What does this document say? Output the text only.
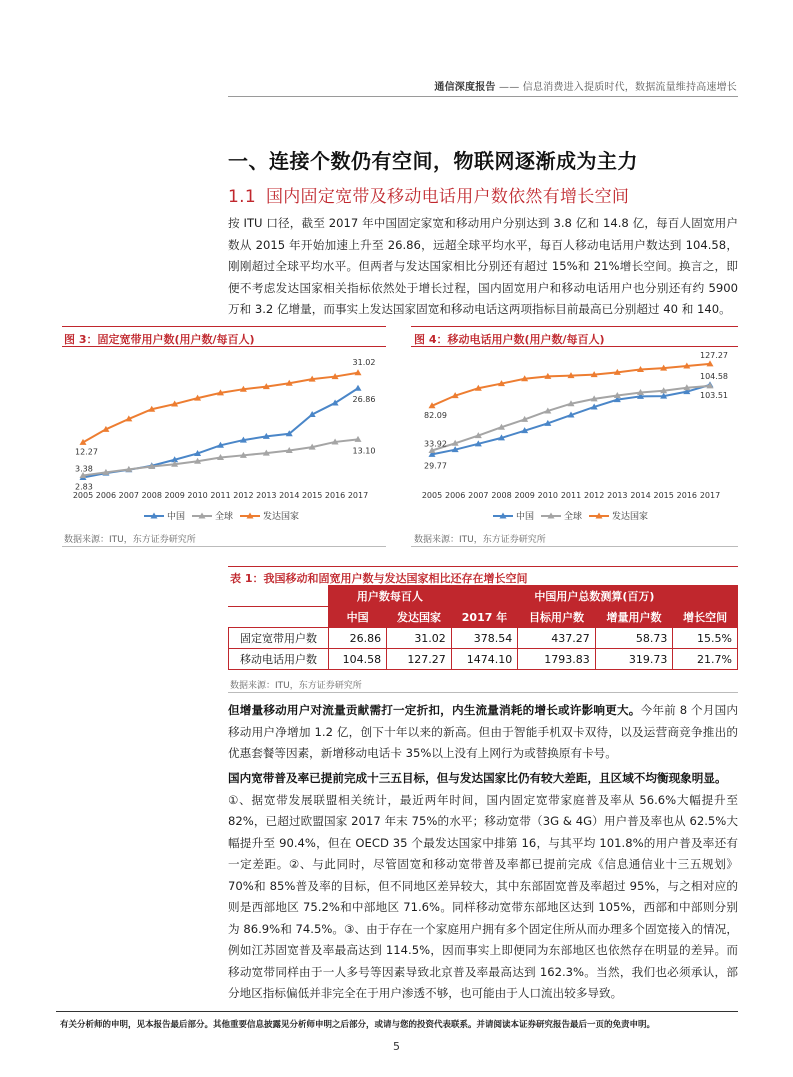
通信深度报告 —— 信息消费进入提质时代，数据流量维持高速增长
一、连接个数仍有空间，物联网逐渐成为主力
1.1 国内固定宽带及移动电话用户数依然有增长空间
按 ITU 口径，截至 2017 年中国固定家宽和移动用户分别达到 3.8 亿和 14.8 亿，每百人固宽用户数从 2015 年开始加速上升至 26.86，远超全球平均水平，每百人移动电话用户数达到 104.58，刚刚超过全球平均水平。但两者与发达国家相比分别还有超过 15%和 21%增长空间。换言之，即便不考虑发达国家相关指标依然处于增长过程，国内固宽用户和移动电话用户也分别还有约 5900 万和 3.2 亿增量，而事实上发达国家固宽和移动电话这两项指标目前最高已分别超过 40 和 140。
图 3：固定宽带用户数(用户数/每百人)
2005 2006 2007 2008 2009 2010 2011 2012 2013 2014 2015 2016 2017
12.27
3.38
2.83
31.02
26.86
13.10
中国	全球	发达国家
数据来源：ITU，东方证券研究所
图 4：移动电话用户数(用户数/每百人)
2005 2006 2007 2008 2009 2010 2011 2012 2013 2014 2015 2016 2017
82.09
33.92
29.77
127.27
104.58
103.51
中国	全球	发达国家
数据来源：ITU，东方证券研究所
表 1：我国移动和固宽用户数与发达国家相比还存在增长空间
	用户数每百人		中国用户总数测算(百万)			
	中国	发达国家	2017 年	目标用户数	增量用户数	增长空间
固定宽带用户数	26.86	31.02	378.54	437.27	58.73	15.5%
移动电话用户数	104.58	127.27	1474.10	1793.83	319.73	21.7%
数据来源：ITU，东方证券研究所
但增量移动用户对流量贡献需打一定折扣，内生流量消耗的增长或许影响更大。今年前 8 个月国内移动用户净增加 1.2 亿，创下十年以来的新高。但由于智能手机双卡双待，以及运营商竞争推出的优惠套餐等因素，新增移动电话卡 35%以上没有上网行为或替换原有卡号。
国内宽带普及率已提前完成十三五目标，但与发达国家比仍有较大差距，且区域不均衡现象明显。
①、据宽带发展联盟相关统计，最近两年时间，国内固定宽带家庭普及率从 56.6%大幅提升至 82%，已超过欧盟国家 2017 年末 75%的水平；移动宽带（3G & 4G）用户普及率也从 62.5%大幅提升至 90.4%，但在 OECD 35 个最发达国家中排第 16，与其平均 101.8%的用户普及率还有一定差距。②、与此同时，尽管固宽和移动宽带普及率都已提前完成《信息通信业十三五规划》70%和 85%普及率的目标，但不同地区差异较大，其中东部固宽普及率超过 95%，与之相对应的则是西部地区 75.2%和中部地区 71.6%。同样移动宽带东部地区达到 105%，西部和中部则分别为 86.9%和 74.5%。③、由于存在一个家庭用户拥有多个固定住所从而办理多个固宽接入的情况，例如江苏固宽普及率最高达到 114.5%，因而事实上即便同为东部地区也依然存在明显的差异。而移动宽带同样由于一人多号等因素导致北京普及率最高达到 162.3%。当然，我们也必须承认，部分地区指标偏低并非完全在于用户渗透不够，也可能由于人口流出较多导致。
有关分析师的申明，见本报告最后部分。其他重要信息披露见分析师申明之后部分，或请与您的投资代表联系。并请阅读本证券研究报告最后一页的免责申明。
5
